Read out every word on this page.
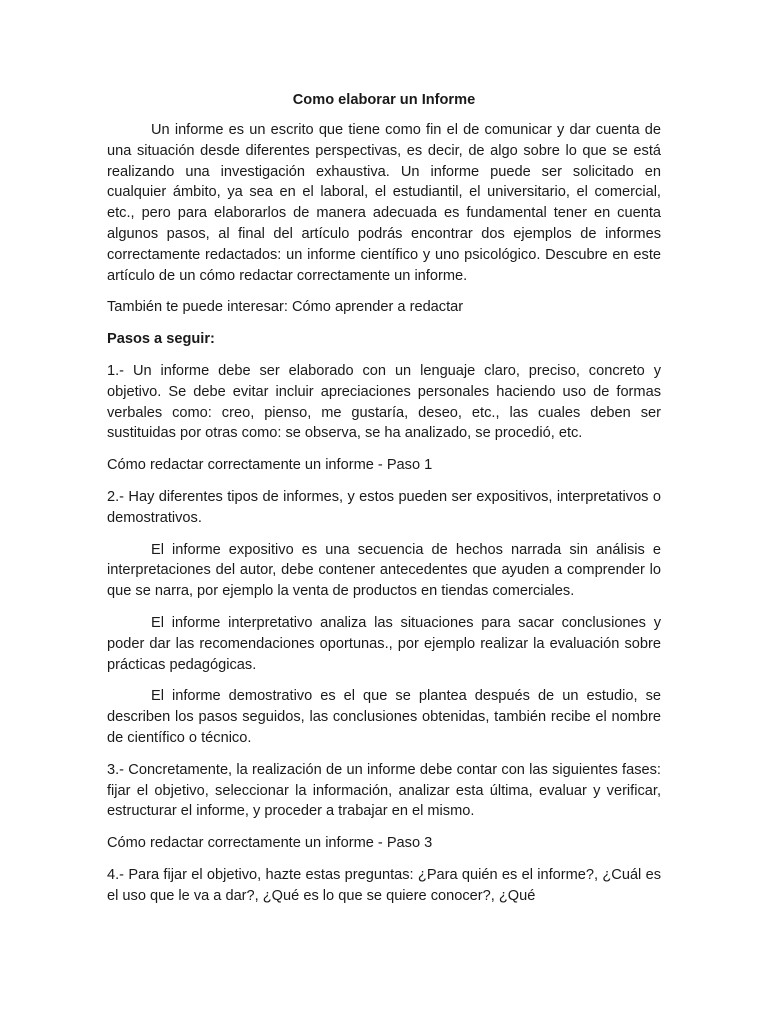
Como elaborar un Informe

Un informe es un escrito que tiene como fin el de comunicar y dar cuenta de una situación desde diferentes perspectivas, es decir, de algo sobre lo que se está realizando una investigación exhaustiva. Un informe puede ser solicitado en cualquier ámbito, ya sea en el laboral, el estudiantil, el universitario, el comercial, etc., pero para elaborarlos de manera adecuada es fundamental tener en cuenta algunos pasos, al final del artículo podrás encontrar dos ejemplos de informes correctamente redactados: un informe científico y uno psicológico. Descubre en este artículo de un cómo redactar correctamente un informe.

También te puede interesar: Cómo aprender a redactar

Pasos a seguir:

1.- Un informe debe ser elaborado con un lenguaje claro, preciso, concreto y objetivo. Se debe evitar incluir apreciaciones personales haciendo uso de formas verbales como: creo, pienso, me gustaría, deseo, etc., las cuales deben ser sustituidas por otras como: se observa, se ha analizado, se procedió, etc.

Cómo redactar correctamente un informe - Paso 1

2.- Hay diferentes tipos de informes, y estos pueden ser expositivos, interpretativos o demostrativos.

El informe expositivo es una secuencia de hechos narrada sin análisis e interpretaciones del autor, debe contener antecedentes que ayuden a comprender lo que se narra, por ejemplo la venta de productos en tiendas comerciales.

El informe interpretativo analiza las situaciones para sacar conclusiones y poder dar las recomendaciones oportunas., por ejemplo realizar la evaluación sobre prácticas pedagógicas.

El informe demostrativo es el que se plantea después de un estudio, se describen los pasos seguidos, las conclusiones obtenidas, también recibe el nombre de científico o técnico.

3.- Concretamente, la realización de un informe debe contar con las siguientes fases: fijar el objetivo, seleccionar la información, analizar esta última, evaluar y verificar, estructurar el informe, y proceder a trabajar en el mismo.

Cómo redactar correctamente un informe - Paso 3

4.- Para fijar el objetivo, hazte estas preguntas: ¿Para quién es el informe?, ¿Cuál es el uso que le va a dar?, ¿Qué es lo que se quiere conocer?, ¿Qué
